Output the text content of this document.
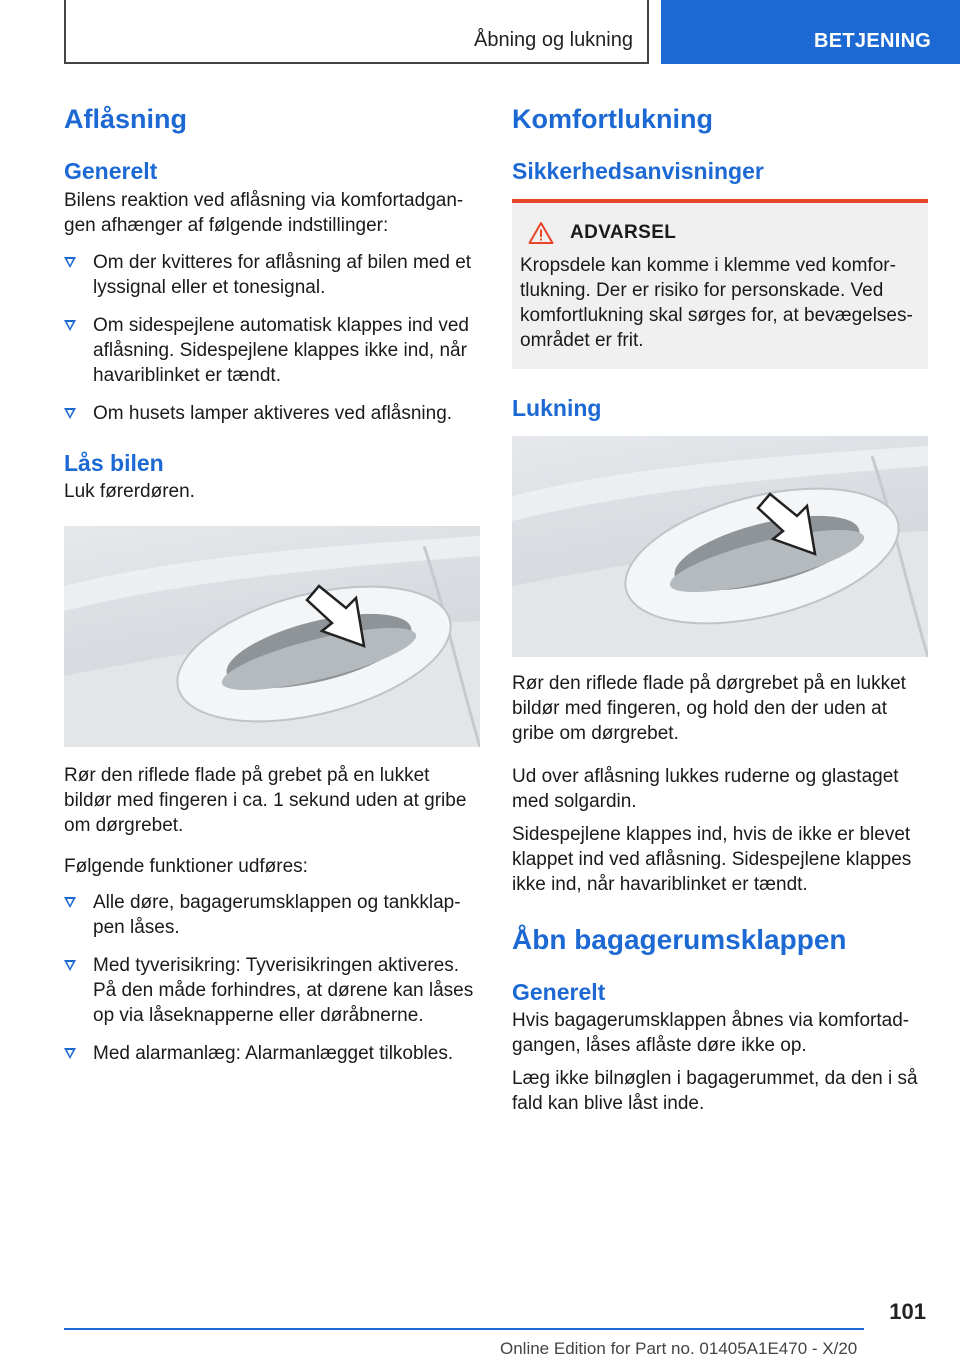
Åbning og lukning	BETJENING
Aflåsning
Generelt

Bilens reaktion ved aflåsning via komfortadgan‐ gen afhænger af følgende indstillinger:

Om der kvitteres for aflåsning af bilen med et lyssignal eller et tonesignal.
Om sidespejlene automatisk klappes ind ved aflåsning. Sidespejlene klappes ikke ind, når havariblinket er tændt.
Om husets lamper aktiveres ved aflåsning.
Lås bilen

Luk førerdøren.

Rør den riflede flade på grebet på en lukket bildør med fingeren i ca. 1 sekund uden at gribe om dørgrebet.

Følgende funktioner udføres:

Alle døre, bagagerumsklappen og tankklap‐ pen låses.
Med tyverisikring: Tyverisikringen aktiveres. På den måde forhindres, at dørene kan låses op via låseknapperne eller døråbnerne.
Med alarmanlæg: Alarmanlægget tilkobles.
Komfortlukning
Sikkerhedsanvisninger
ADVARSEL

Kropsdele kan komme i klemme ved komfor‐ tlukning. Der er risiko for personskade. Ved komfortlukning skal sørges for, at bevægelses‐ området er frit.

Lukning

Rør den riflede flade på dørgrebet på en lukket bildør med fingeren, og hold den der uden at gribe om dørgrebet.

Ud over aflåsning lukkes ruderne og glastaget med solgardin.

Sidespejlene klappes ind, hvis de ikke er blevet klappet ind ved aflåsning. Sidespejlene klappes ikke ind, når havariblinket er tændt.

Åbn bagagerumsklappen
Generelt

Hvis bagagerumsklappen åbnes via komfortad‐ gangen, låses aflåste døre ikke op.

Læg ikke bilnøglen i bagagerummet, da den i så fald kan blive låst inde.

101
Online Edition for Part no. 01405A1E470 - X/20
